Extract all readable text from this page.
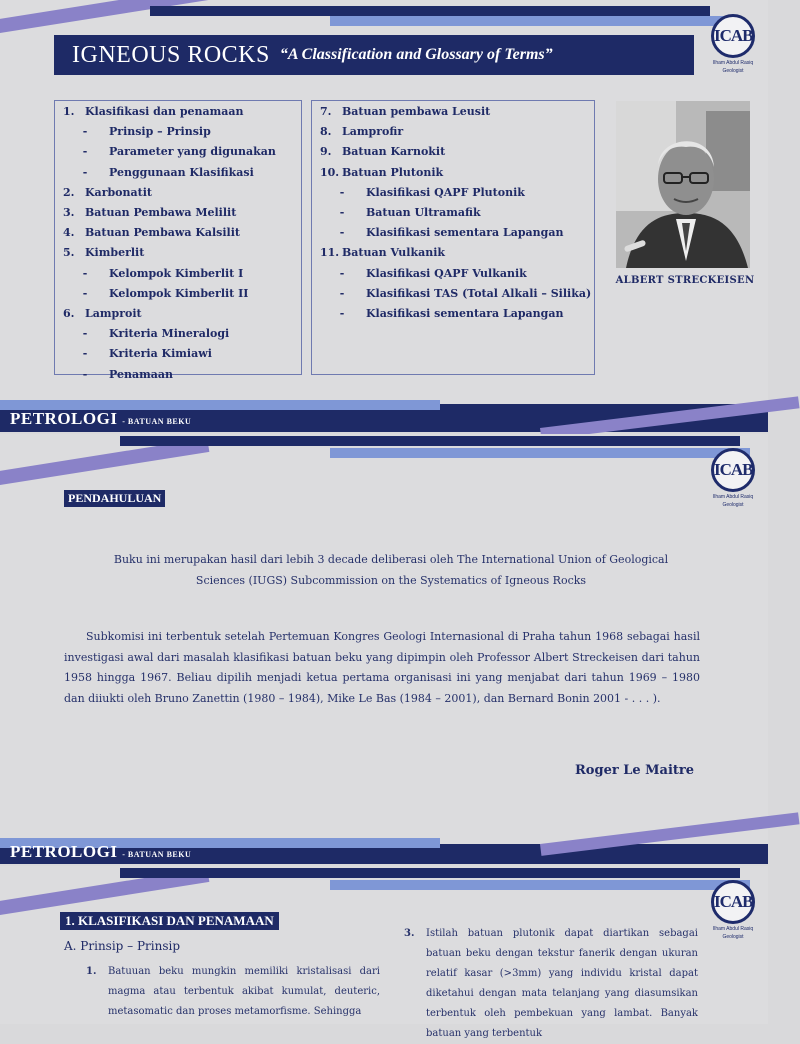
IGNEOUS ROCKS “A Classification and Glossary of Terms”
ICAB
Ilham Abdul Rasiq
Geologist
1. Klasifikasi dan penamaan
-	Prinsip – Prinsip
-	Parameter yang digunakan
-	Penggunaan Klasifikasi
2. Karbonatit
3. Batuan Pembawa Melilit
4. Batuan Pembawa Kalsilit
5. Kimberlit
-	Kelompok Kimberlit I
-	Kelompok Kimberlit II
6. Lamproit
-	Kriteria Mineralogi
-	Kriteria Kimiawi
-	Penamaan
7. Batuan pembawa Leusit
8. Lamprofir
9. Batuan Karnokit
10. Batuan Plutonik
-	Klasifikasi QAPF Plutonik
-	Batuan Ultramafik
-	Klasifikasi sementara Lapangan
11. Batuan Vulkanik
-	Klasifikasi QAPF Vulkanik
-	Klasifikasi TAS (Total Alkali – Silika)
-	Klasifikasi sementara Lapangan
ALBERT STRECKEISEN
PETROLOGI - BATUAN BEKU
ICAB
Ilham Abdul Rasiq
Geologist
PENDAHULUAN
Buku ini merupakan hasil dari lebih 3 decade deliberasi oleh The International Union of Geological Sciences (IUGS) Subcommission on the Systematics of Igneous Rocks
Subkomisi ini terbentuk setelah Pertemuan Kongres Geologi Internasional di Praha tahun 1968 sebagai hasil investigasi awal dari masalah klasifikasi batuan beku yang dipimpin oleh Professor Albert Streckeisen dari tahun 1958 hingga 1967. Beliau dipilih menjadi ketua pertama organisasi ini yang menjabat dari tahun 1969 – 1980 dan diiukti oleh Bruno Zanettin (1980 – 1984), Mike Le Bas (1984 – 2001), dan Bernard Bonin 2001 - . . . ).
Roger Le Maitre
PETROLOGI - BATUAN BEKU
ICAB
Ilham Abdul Rasiq
Geologist
1. KLASIFIKASI DAN PENAMAAN
A. Prinsip – Prinsip
1. Batuuan beku mungkin memiliki kristalisasi dari magma atau terbentuk akibat kumulat, deuteric, metasomatic dan proses metamorfisme. Sehingga
3. Istilah batuan plutonik dapat diartikan sebagai batuan beku dengan tekstur fanerik dengan ukuran relatif kasar (>3mm) yang individu kristal dapat diketahui dengan mata telanjang yang diasumsikan terbentuk oleh pembekuan yang lambat. Banyak batuan yang terbentuk
